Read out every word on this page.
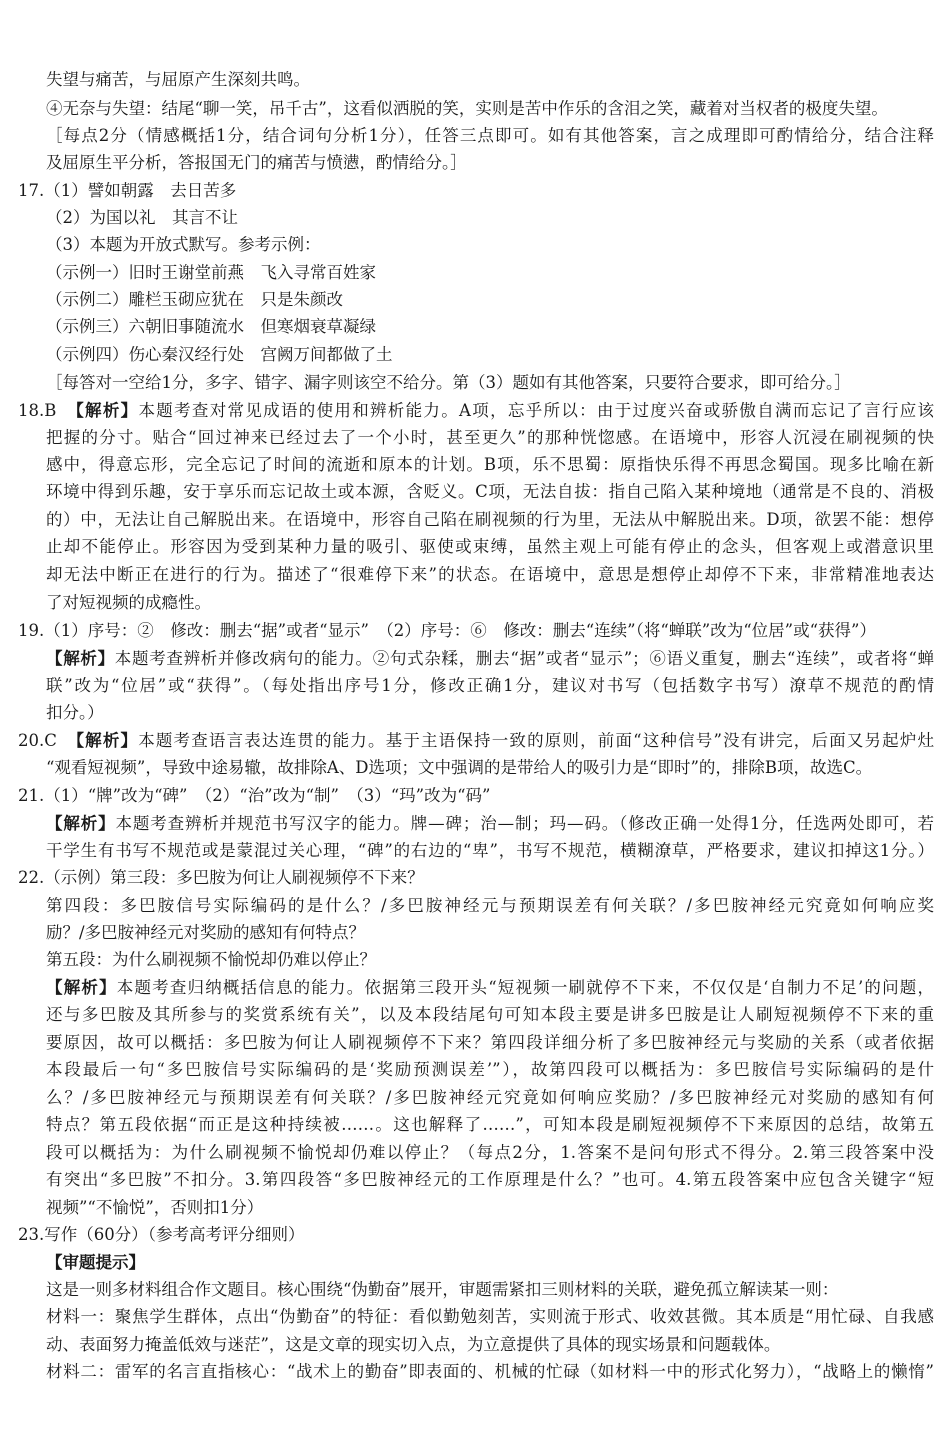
失望与痛苦，与屈原产生深刻共鸣。
④无奈与失望：结尾“聊一笑，吊千古”，这看似洒脱的笑，实则是苦中作乐的含泪之笑，藏着对当权者的极度失望。
［每点2分（情感概括1分，结合词句分析1分），任答三点即可。如有其他答案，言之成理即可酌情给分，结合注释
及屈原生平分析，答报国无门的痛苦与愤懑，酌情给分。］
17.（1）譬如朝露　去日苦多
（2）为国以礼　其言不让
（3）本题为开放式默写。参考示例：
（示例一）旧时王谢堂前燕　飞入寻常百姓家
（示例二）雕栏玉砌应犹在　只是朱颜改
（示例三）六朝旧事随流水　但寒烟衰草凝绿
（示例四）伤心秦汉经行处　宫阙万间都做了土
［每答对一空给1分，多字、错字、漏字则该空不给分。第（3）题如有其他答案，只要符合要求，即可给分。］
18.B　【解析】本题考查对常见成语的使用和辨析能力。A项，忘乎所以：由于过度兴奋或骄傲自满而忘记了言行应该
把握的分寸。贴合“回过神来已经过去了一个小时，甚至更久”的那种恍惚感。在语境中，形容人沉浸在刷视频的快
感中，得意忘形，完全忘记了时间的流逝和原本的计划。B项，乐不思蜀：原指快乐得不再思念蜀国。现多比喻在新
环境中得到乐趣，安于享乐而忘记故土或本源，含贬义。C项，无法自拔：指自己陷入某种境地（通常是不良的、消极
的）中，无法让自己解脱出来。在语境中，形容自己陷在刷视频的行为里，无法从中解脱出来。D项，欲罢不能：想停
止却不能停止。形容因为受到某种力量的吸引、驱使或束缚，虽然主观上可能有停止的念头，但客观上或潜意识里
却无法中断正在进行的行为。描述了“很难停下来”的状态。在语境中，意思是想停止却停不下来，非常精准地表达
了对短视频的成瘾性。
19.（1）序号：②　修改：删去“据”或者“显示”　（2）序号：⑥　修改：删去“连续”（将“蝉联”改为“位居”或“获得”）
【解析】本题考查辨析并修改病句的能力。②句式杂糅，删去“据”或者“显示”；⑥语义重复，删去“连续”，或者将“蝉
联”改为“位居”或“获得”。（每处指出序号1分，修改正确1分，建议对书写（包括数字书写）潦草不规范的酌情
扣分。）
20.C　【解析】本题考查语言表达连贯的能力。基于主语保持一致的原则，前面“这种信号”没有讲完，后面又另起炉灶
“观看短视频”，导致中途易辙，故排除A、D选项；文中强调的是带给人的吸引力是“即时”的，排除B项，故选C。
21.（1）“牌”改为“碑”　（2）“治”改为“制”　（3）“玛”改为“码”
【解析】本题考查辨析并规范书写汉字的能力。牌—碑；治—制；玛—码。（修改正确一处得1分，任选两处即可，若
干学生有书写不规范或是蒙混过关心理，“碑”的右边的“卑”，书写不规范，横糊潦草，严格要求，建议扣掉这1分。）
22.（示例）第三段：多巴胺为何让人刷视频停不下来？
第四段：多巴胺信号实际编码的是什么？/多巴胺神经元与预期误差有何关联？/多巴胺神经元究竟如何响应奖
励？/多巴胺神经元对奖励的感知有何特点？
第五段：为什么刷视频不愉悦却仍难以停止？
【解析】本题考查归纳概括信息的能力。依据第三段开头“短视频一刷就停不下来，不仅仅是‘自制力不足’的问题，
还与多巴胺及其所参与的奖赏系统有关”，以及本段结尾句可知本段主要是讲多巴胺是让人刷短视频停不下来的重
要原因，故可以概括：多巴胺为何让人刷视频停不下来？第四段详细分析了多巴胺神经元与奖励的关系（或者依据
本段最后一句“多巴胺信号实际编码的是‘奖励预测误差’”），故第四段可以概括为：多巴胺信号实际编码的是什
么？/多巴胺神经元与预期误差有何关联？/多巴胺神经元究竟如何响应奖励？/多巴胺神经元对奖励的感知有何
特点？第五段依据“而正是这种持续被……。这也解释了……”，可知本段是刷短视频停不下来原因的总结，故第五
段可以概括为：为什么刷视频不愉悦却仍难以停止？（每点2分，1.答案不是问句形式不得分。2.第三段答案中没
有突出“多巴胺”不扣分。3.第四段答“多巴胺神经元的工作原理是什么？”也可。4.第五段答案中应包含关键字“短
视频”“不愉悦”，否则扣1分）
23.写作（60分）（参考高考评分细则）
【审题提示】
这是一则多材料组合作文题目。核心围绕“伪勤奋”展开，审题需紧扣三则材料的关联，避免孤立解读某一则：
材料一：聚焦学生群体，点出“伪勤奋”的特征：看似勤勉刻苦，实则流于形式、收效甚微。其本质是“用忙碌、自我感
动、表面努力掩盖低效与迷茫”，这是文章的现实切入点，为立意提供了具体的现实场景和问题载体。
材料二：雷军的名言直指核心：“战术上的勤奋”即表面的、机械的忙碌（如材料一中的形式化努力），“战略上的懒惰”
